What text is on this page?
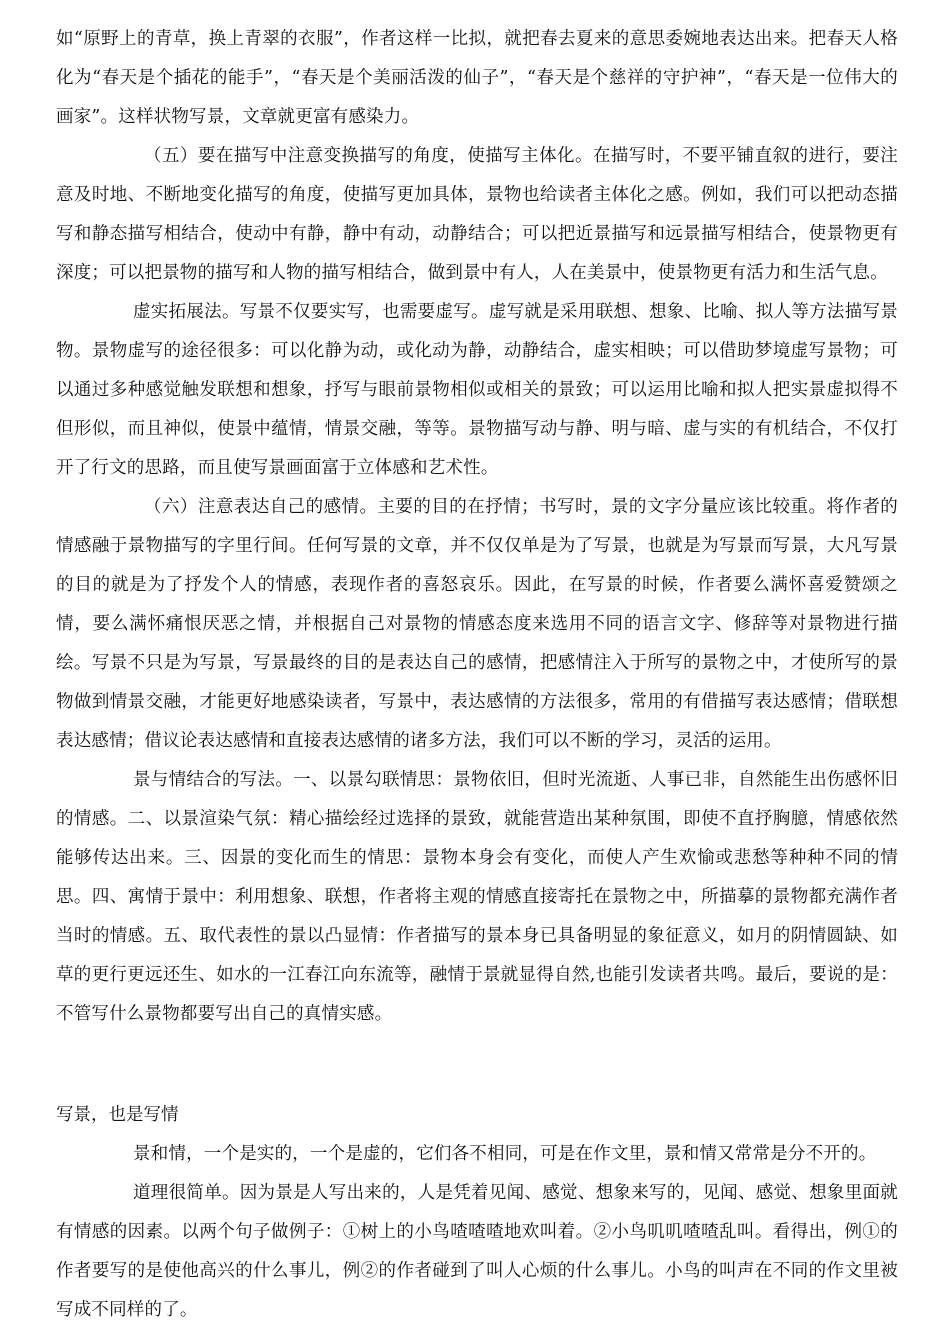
如“原野上的青草，换上青翠的衣服”，作者这样一比拟，就把春去夏来的意思委婉地表达出来。把春天人格化为“春天是个插花的能手”，“春天是个美丽活泼的仙子”，“春天是个慈祥的守护神”，“春天是一位伟大的画家”。这样状物写景，文章就更富有感染力。

（五）要在描写中注意变换描写的角度，使描写主体化。在描写时，不要平铺直叙的进行，要注意及时地、不断地变化描写的角度，使描写更加具体，景物也给读者主体化之感。例如，我们可以把动态描写和静态描写相结合，使动中有静，静中有动，动静结合；可以把近景描写和远景描写相结合，使景物更有深度；可以把景物的描写和人物的描写相结合，做到景中有人，人在美景中，使景物更有活力和生活气息。

虚实拓展法。写景不仅要实写，也需要虚写。虚写就是采用联想、想象、比喻、拟人等方法描写景物。景物虚写的途径很多：可以化静为动，或化动为静，动静结合，虚实相映；可以借助梦境虚写景物；可以通过多种感觉触发联想和想象，抒写与眼前景物相似或相关的景致；可以运用比喻和拟人把实景虚拟得不但形似，而且神似，使景中蕴情，情景交融，等等。景物描写动与静、明与暗、虚与实的有机结合，不仅打开了行文的思路，而且使写景画面富于立体感和艺术性。

（六）注意表达自己的感情。主要的目的在抒情；书写时，景的文字分量应该比较重。将作者的情感融于景物描写的字里行间。任何写景的文章，并不仅仅单是为了写景，也就是为写景而写景，大凡写景的目的就是为了抒发个人的情感，表现作者的喜怒哀乐。因此，在写景的时候，作者要么满怀喜爱赞颂之情，要么满怀痛恨厌恶之情，并根据自己对景物的情感态度来选用不同的语言文字、修辞等对景物进行描绘。写景不只是为写景，写景最终的目的是表达自己的感情，把感情注入于所写的景物之中，才使所写的景物做到情景交融，才能更好地感染读者，写景中，表达感情的方法很多，常用的有借描写表达感情；借联想表达感情；借议论表达感情和直接表达感情的诸多方法，我们可以不断的学习，灵活的运用。

景与情结合的写法。一、以景勾联情思：景物依旧，但时光流逝、人事已非，自然能生出伤感怀旧的情感。二、以景渲染气氛：精心描绘经过选择的景致，就能营造出某种氛围，即使不直抒胸臆，情感依然能够传达出来。三、因景的变化而生的情思：景物本身会有变化，而使人产生欢愉或悲愁等种种不同的情思。四、寓情于景中：利用想象、联想，作者将主观的情感直接寄托在景物之中，所描摹的景物都充满作者当时的情感。五、取代表性的景以凸显情：作者描写的景本身已具备明显的象征意义，如月的阴情圆缺、如草的更行更远还生、如水的一江春江向东流等，融情于景就显得自然,也能引发读者共鸣。最后，要说的是：不管写什么景物都要写出自己的真情实感。

写景，也是写情

景和情，一个是实的，一个是虚的，它们各不相同，可是在作文里，景和情又常常是分不开的。

道理很简单。因为景是人写出来的，人是凭着见闻、感觉、想象来写的，见闻、感觉、想象里面就有情感的因素。以两个句子做例子：①树上的小鸟喳喳喳地欢叫着。②小鸟叽叽喳喳乱叫。看得出，例①的作者要写的是使他高兴的什么事儿，例②的作者碰到了叫人心烦的什么事儿。小鸟的叫声在不同的作文里被写成不同样的了。
